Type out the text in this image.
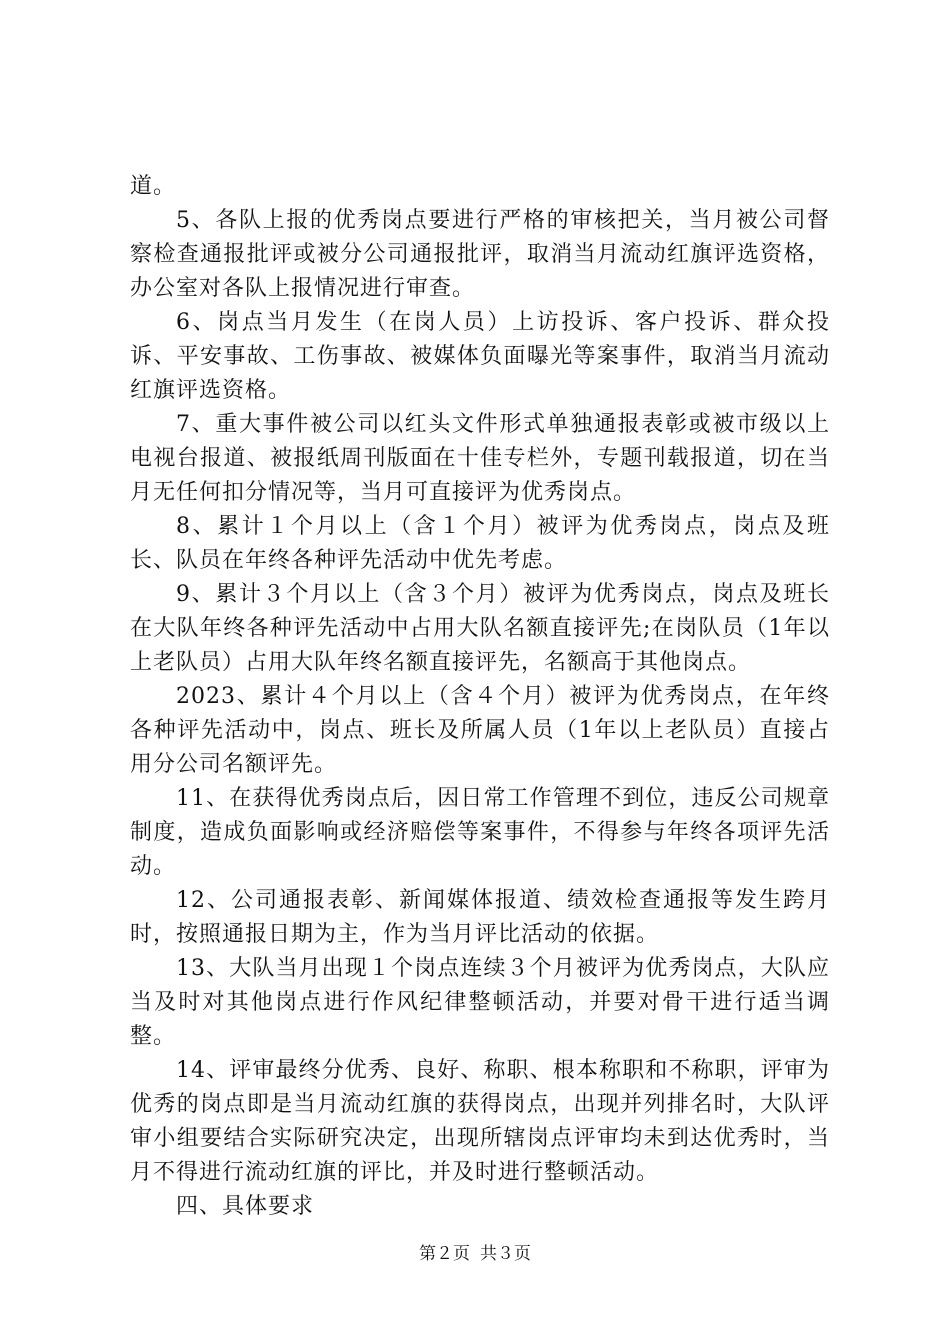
道。

5、各队上报的优秀岗点要进行严格的审核把关，当月被公司督察检查通报批评或被分公司通报批评，取消当月流动红旗评选资格，办公室对各队上报情况进行审查。

6、岗点当月发生（在岗人员）上访投诉、客户投诉、群众投诉、平安事故、工伤事故、被媒体负面曝光等案事件，取消当月流动红旗评选资格。

7、重大事件被公司以红头文件形式单独通报表彰或被市级以上电视台报道、被报纸周刊版面在十佳专栏外，专题刊载报道，切在当月无任何扣分情况等，当月可直接评为优秀岗点。

8、累计１个月以上（含１个月）被评为优秀岗点，岗点及班长、队员在年终各种评先活动中优先考虑。

9、累计３个月以上（含３个月）被评为优秀岗点，岗点及班长在大队年终各种评先活动中占用大队名额直接评先;在岗队员（1年以上老队员）占用大队年终名额直接评先，名额高于其他岗点。

2023、累计４个月以上（含４个月）被评为优秀岗点，在年终各种评先活动中，岗点、班长及所属人员（1年以上老队员）直接占用分公司名额评先。

11、在获得优秀岗点后，因日常工作管理不到位，违反公司规章制度，造成负面影响或经济赔偿等案事件，不得参与年终各项评先活动。

12、公司通报表彰、新闻媒体报道、绩效检查通报等发生跨月时，按照通报日期为主，作为当月评比活动的依据。

13、大队当月出现１个岗点连续３个月被评为优秀岗点，大队应当及时对其他岗点进行作风纪律整顿活动，并要对骨干进行适当调整。

14、评审最终分优秀、良好、称职、根本称职和不称职，评审为优秀的岗点即是当月流动红旗的获得岗点，出现并列排名时，大队评审小组要结合实际研究决定，出现所辖岗点评审均未到达优秀时，当月不得进行流动红旗的评比，并及时进行整顿活动。

四、具体要求

第２页 共３页
